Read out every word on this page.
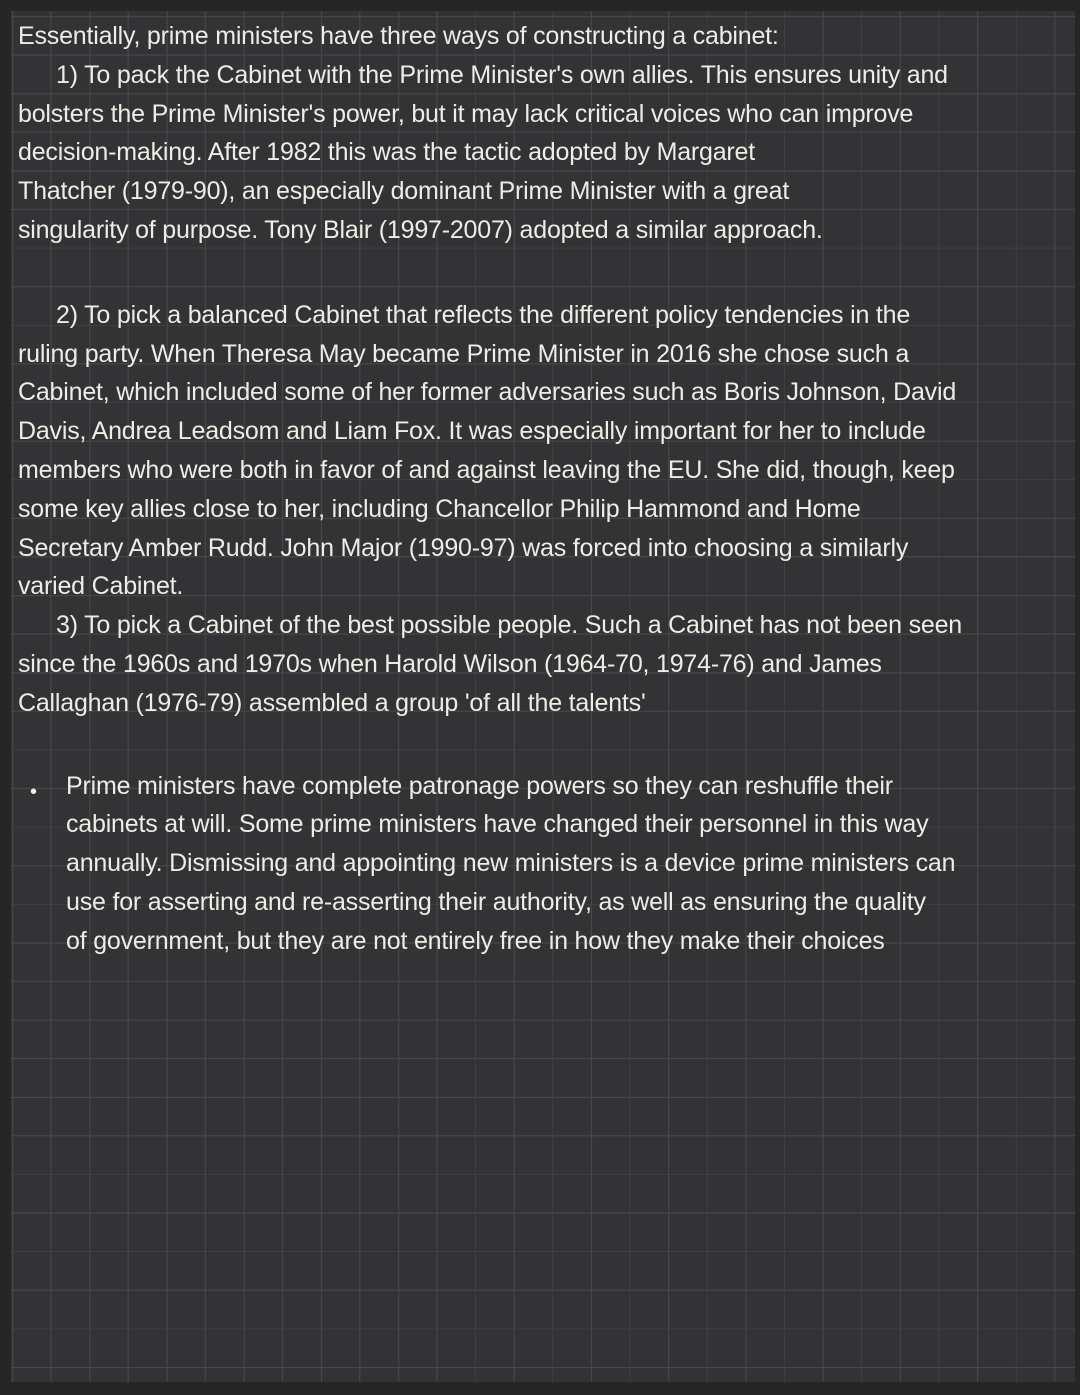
Essentially, prime ministers have three ways of constructing a cabinet:
1) To pack the Cabinet with the Prime Minister's own allies. This ensures unity and
bolsters the Prime Minister's power, but it may lack critical voices who can improve
decision-making. After 1982 this was the tactic adopted by Margaret
Thatcher (1979-90), an especially dominant Prime Minister with a great
singularity of purpose. Tony Blair (1997-2007) adopted a similar approach.
2) To pick a balanced Cabinet that reflects the different policy tendencies in the
ruling party. When Theresa May became Prime Minister in 2016 she chose such a
Cabinet, which included some of her former adversaries such as Boris Johnson, David
Davis, Andrea Leadsom and Liam Fox. It was especially important for her to include
members who were both in favor of and against leaving the EU. She did, though, keep
some key allies close to her, including Chancellor Philip Hammond and Home
Secretary Amber Rudd. John Major (1990-97) was forced into choosing a similarly
varied Cabinet.
3) To pick a Cabinet of the best possible people. Such a Cabinet has not been seen
since the 1960s and 1970s when Harold Wilson (1964-70, 1974-76) and James
Callaghan (1976-79) assembled a group 'of all the talents'
• Prime ministers have complete patronage powers so they can reshuffle their
cabinets at will. Some prime ministers have changed their personnel in this way
annually. Dismissing and appointing new ministers is a device prime ministers can
use for asserting and re-asserting their authority, as well as ensuring the quality
of government, but they are not entirely free in how they make their choices
